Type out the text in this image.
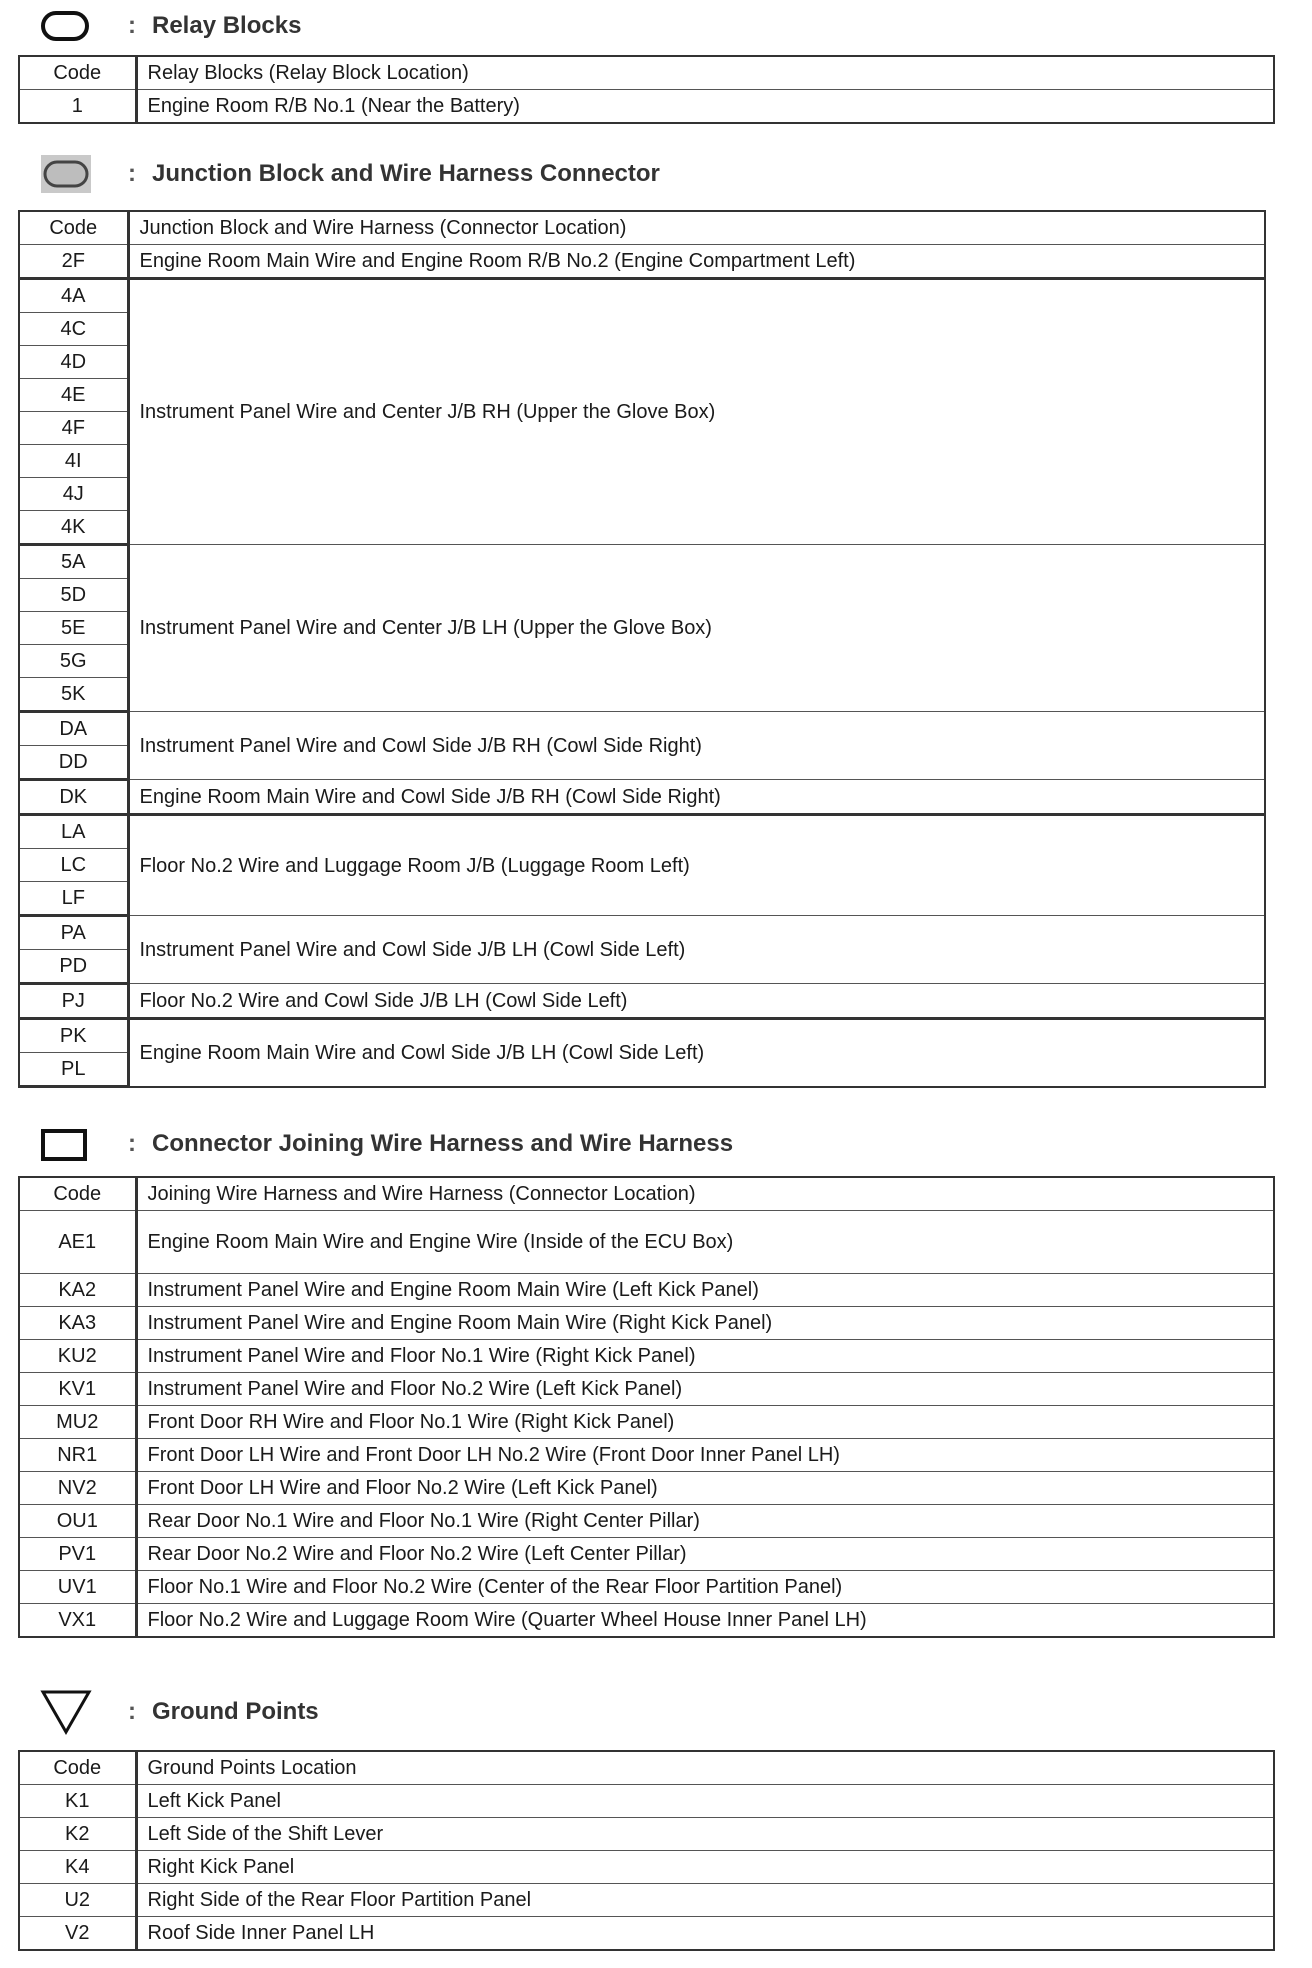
: Relay Blocks
Code	Relay Blocks (Relay Block Location)
1	Engine Room R/B No.1 (Near the Battery)
: Junction Block and Wire Harness Connector
Code	Junction Block and Wire Harness (Connector Location)
2F	Engine Room Main Wire and Engine Room R/B No.2 (Engine Compartment Left)
4A	Instrument Panel Wire and Center J/B RH (Upper the Glove Box)
4C	
4D	
4E	
4F	
4I	
4J	
4K	
5A	Instrument Panel Wire and Center J/B LH (Upper the Glove Box)
5D	
5E	
5G	
5K	
DA	Instrument Panel Wire and Cowl Side J/B RH (Cowl Side Right)
DD	
DK	Engine Room Main Wire and Cowl Side J/B RH (Cowl Side Right)
LA	Floor No.2 Wire and Luggage Room J/B (Luggage Room Left)
LC	
LF	
PA	Instrument Panel Wire and Cowl Side J/B LH (Cowl Side Left)
PD	
PJ	Floor No.2 Wire and Cowl Side J/B LH (Cowl Side Left)
PK	Engine Room Main Wire and Cowl Side J/B LH (Cowl Side Left)
PL	
: Connector Joining Wire Harness and Wire Harness
Code	Joining Wire Harness and Wire Harness (Connector Location)
AE1	Engine Room Main Wire and Engine Wire (Inside of the ECU Box)
KA2	Instrument Panel Wire and Engine Room Main Wire (Left Kick Panel)
KA3	Instrument Panel Wire and Engine Room Main Wire (Right Kick Panel)
KU2	Instrument Panel Wire and Floor No.1 Wire (Right Kick Panel)
KV1	Instrument Panel Wire and Floor No.2 Wire (Left Kick Panel)
MU2	Front Door RH Wire and Floor No.1 Wire (Right Kick Panel)
NR1	Front Door LH Wire and Front Door LH No.2 Wire (Front Door Inner Panel LH)
NV2	Front Door LH Wire and Floor No.2 Wire (Left Kick Panel)
OU1	Rear Door No.1 Wire and Floor No.1 Wire (Right Center Pillar)
PV1	Rear Door No.2 Wire and Floor No.2 Wire (Left Center Pillar)
UV1	Floor No.1 Wire and Floor No.2 Wire (Center of the Rear Floor Partition Panel)
VX1	Floor No.2 Wire and Luggage Room Wire (Quarter Wheel House Inner Panel LH)
: Ground Points
Code	Ground Points Location
K1	Left Kick Panel
K2	Left Side of the Shift Lever
K4	Right Kick Panel
U2	Right Side of the Rear Floor Partition Panel
V2	Roof Side Inner Panel LH
